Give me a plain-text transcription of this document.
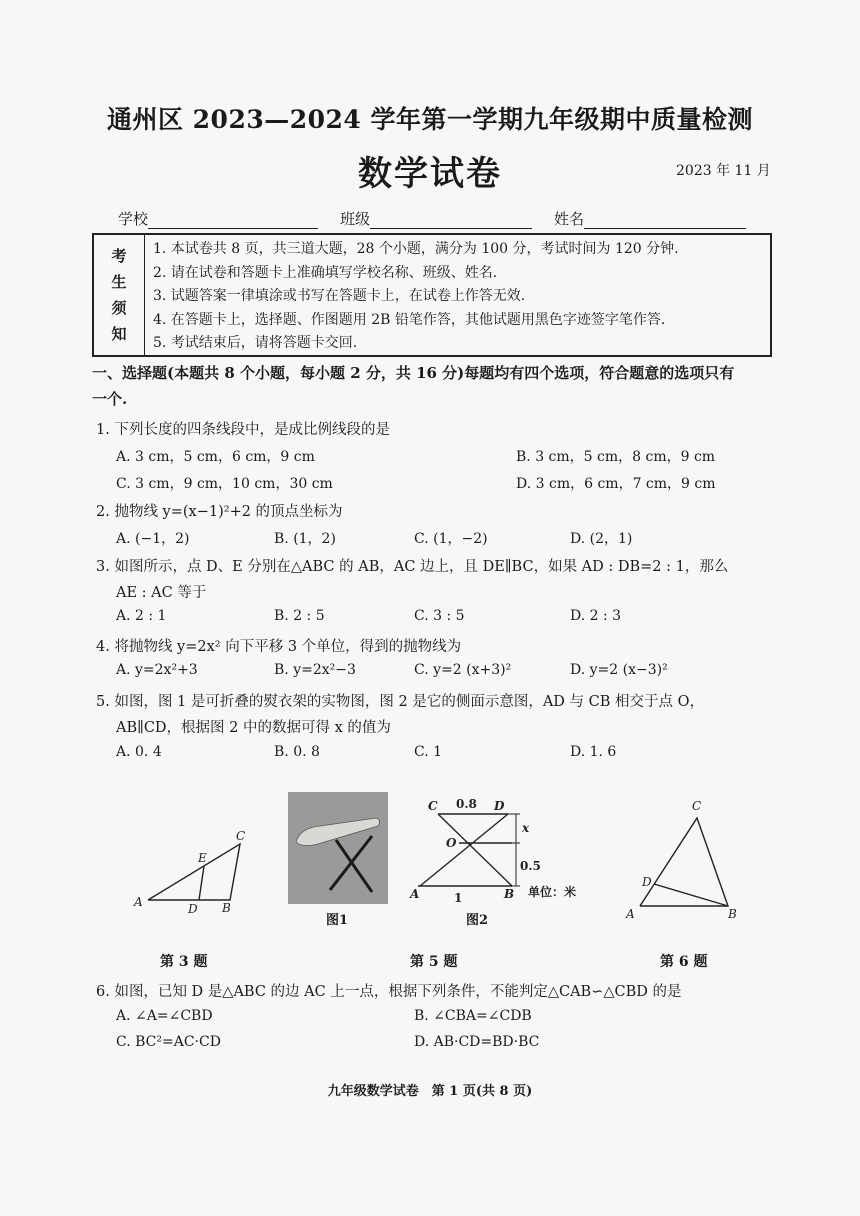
通州区 2023—2024 学年第一学期九年级期中质量检测
数学试卷	2023 年 11 月
学校	班级	姓名
考
生
须
知
1. 本试卷共 8 页，共三道大题，28 个小题，满分为 100 分，考试时间为 120 分钟.
2. 请在试卷和答题卡上准确填写学校名称、班级、姓名.
3. 试题答案一律填涂或书写在答题卡上，在试卷上作答无效.
4. 在答题卡上，选择题、作图题用 2B 铅笔作答，其他试题用黑色字迹签字笔作答.
5. 考试结束后，请将答题卡交回.
一、选择题(本题共 8 个小题，每小题 2 分，共 16 分)每题均有四个选项，符合题意的选项只有
一个.
1. 下列长度的四条线段中，是成比例线段的是
A. 3 cm，5 cm，6 cm，9 cm	B. 3 cm，5 cm，8 cm，9 cm
C. 3 cm，9 cm，10 cm，30 cm	D. 3 cm，6 cm，7 cm，9 cm
2. 抛物线 y=(x−1)²+2 的顶点坐标为
A. (−1，2)	B. (1，2)	C. (1，−2)	D. (2，1)
3. 如图所示，点 D、E 分别在△ABC 的 AB，AC 边上，且 DE∥BC，如果 AD : DB=2 : 1，那么
AE : AC 等于
A. 2 : 1	B. 2 : 5	C. 3 : 5	D. 2 : 3
4. 将抛物线 y=2x² 向下平移 3 个单位，得到的抛物线为
A. y=2x²+3	B. y=2x²−3	C. y=2 (x+3)²	D. y=2 (x−3)²
5. 如图，图 1 是可折叠的熨衣架的实物图，图 2 是它的侧面示意图，AD 与 CB 相交于点 O，
AB∥CD，根据图 2 中的数据可得 x 的值为
A. 0. 4	B. 0. 8	C. 1	D. 1. 6
A	B
C
D
E
图1
C 0.8 D
O
x
0.5
A	1	B 单位：米
图2	A	B
C
D
第 3 题	第 5 题	第 6 题
6. 如图，已知 D 是△ABC 的边 AC 上一点，根据下列条件，不能判定△CAB∽△CBD 的是
A. ∠A=∠CBD	B. ∠CBA=∠CDB
C. BC²=AC·CD	D. AB·CD=BD·BC
九年级数学试卷　第 1 页(共 8 页)
